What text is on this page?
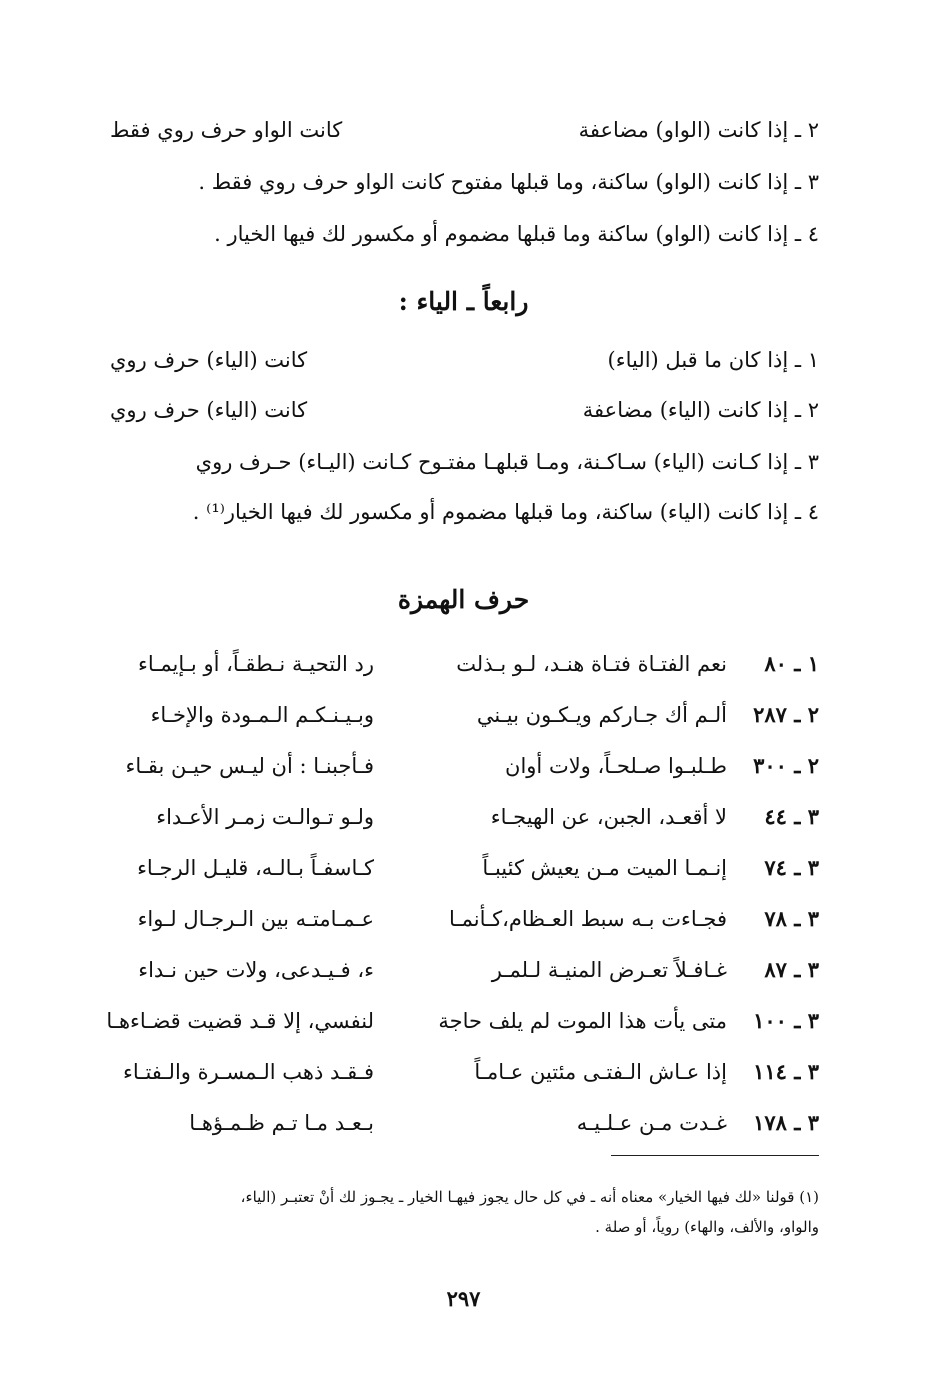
٢ ـ إذا كانت (الواو) مضاعفة
كانت الواو حرف روي فقط
٣ ـ إذا كانت (الواو) ساكنة، وما قبلها مفتوح كانت الواو حرف روي فقط .
٤ ـ إذا كانت (الواو) ساكنة وما قبلها مضموم أو مكسور لك فيها الخيار .
رابعاً ـ الياء :
١ ـ إذا كان ما قبل (الياء)
كانت (الياء) حرف روي
٢ ـ إذا كانت (الياء) مضاعفة
كانت (الياء) حرف روي
٣ ـ إذا كـانت (الياء) سـاكـنة، ومـا قبلهـا مفتـوح كـانت (اليـاء) حـرف روي
٤ ـ إذا كانت (الياء) ساكنة، وما قبلها مضموم أو مكسور لك فيها الخيار⁽¹⁾ .
حرف الهمزة
١ ـ ٨٠
نعم الفتـاة فتـاة هنـد، لـو بـذلت
رد التحيـة نـطقـاً، أو بـإيمـاء
٢ ـ ٢٨٧
ألـم أك جـاركم ويـكـون بيـني
وبـيـنـكـم الـمـودة والإخـاء
٢ ـ ٣٠٠
طـلبـوا صـلحـاً، ولات أوان
فـأجبنـا : أن ليـس حيـن بقـاء
٣ ـ ٤٤
لا أقعـد، الجبن، عن الهيجـاء
ولـو تـوالـت زمـر الأعـداء
٣ ـ ٧٤
إنـمـا الميت مـن يعيش كئيبـاً
كـاسفـاً بـالـه، قليـل الرجـاء
٣ ـ ٧٨
فجـاءت بـه سبط العـظام،كـأنمـا
عـمـامتـه بين الـرجـال لـواء
٣ ـ ٨٧
غـافـلاً تعـرض المنيـة لـلمـر
ء، فـيـدعى، ولات حين نـداء
٣ ـ ١٠٠
متى يأت هذا الموت لم يلف حاجة
لنفسي، إلا قـد قضيت قضـاءهـا
٣ ـ ١١٤
إذا عـاش الـفتـى مئتين عـامـاً
فـقـد ذهب الـمسـرة والـفتـاء
٣ ـ ١٧٨
غـدت مـن عـلـيـه
بـعـد مـا تـم ظـمـؤهـا
(١) قولنا «لك فيها الخيار» معناه أنه ـ في كل حال يجوز فيهـا الخيار ـ يجـوز لك أنْ تعتبـر (الياء،
والواو، والألف، والهاء) روياً، أو صلة .
٢٩٧
